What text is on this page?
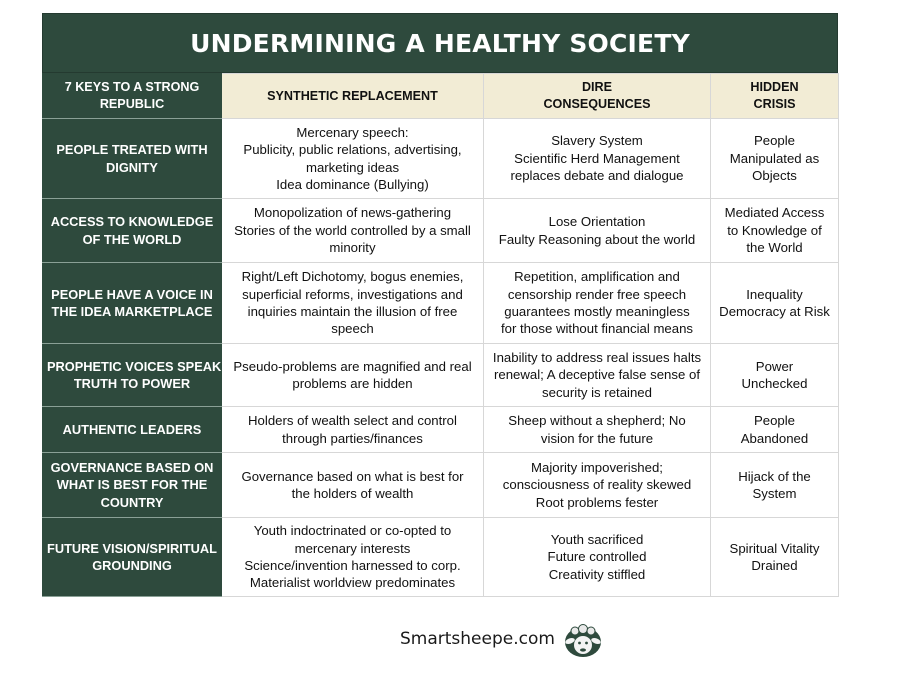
UNDERMINING A HEALTHY SOCIETY
7 KEYS TO A STRONG
REPUBLIC	SYNTHETIC REPLACEMENT	DIRE
CONSEQUENCES	HIDDEN
CRISIS

PEOPLE TREATED WITH
DIGNITY	Mercenary speech:
Publicity, public relations, advertising,
marketing ideas
Idea dominance (Bullying)	Slavery System
Scientific Herd Management
replaces debate and dialogue	People
Manipulated as
Objects

ACCESS TO KNOWLEDGE
OF THE WORLD	Monopolization of news-gathering
Stories of the world controlled by a small
minority	Lose Orientation
Faulty Reasoning about the world	Mediated Access
to Knowledge of
the World

PEOPLE HAVE A VOICE IN
THE IDEA MARKETPLACE	Right/Left Dichotomy, bogus enemies,
superficial reforms, investigations and
inquiries maintain the illusion of free
speech	Repetition, amplification and
censorship render free speech
guarantees mostly meaningless
for those without financial means	Inequality
Democracy at Risk

PROPHETIC VOICES SPEAK
TRUTH TO POWER	Pseudo-problems are magnified and real
problems are hidden	Inability to address real issues halts
renewal; A deceptive false sense of
security is retained	Power
Unchecked

AUTHENTIC LEADERS	Holders of wealth select and control
through parties/finances	Sheep without a shepherd; No
vision for the future	People
Abandoned

GOVERNANCE BASED ON
WHAT IS BEST FOR THE
COUNTRY	Governance based on what is best for
the holders of wealth	Majority impoverished;
consciousness of reality skewed
Root problems fester	Hijack of the
System

FUTURE VISION/SPIRITUAL
GROUNDING	Youth indoctrinated or co-opted to
mercenary interests
Science/invention harnessed to corp.
Materialist worldview predominates	Youth sacrificed
Future controlled
Creativity stiffled	Spiritual Vitality
Drained
Smartsheepe.com
